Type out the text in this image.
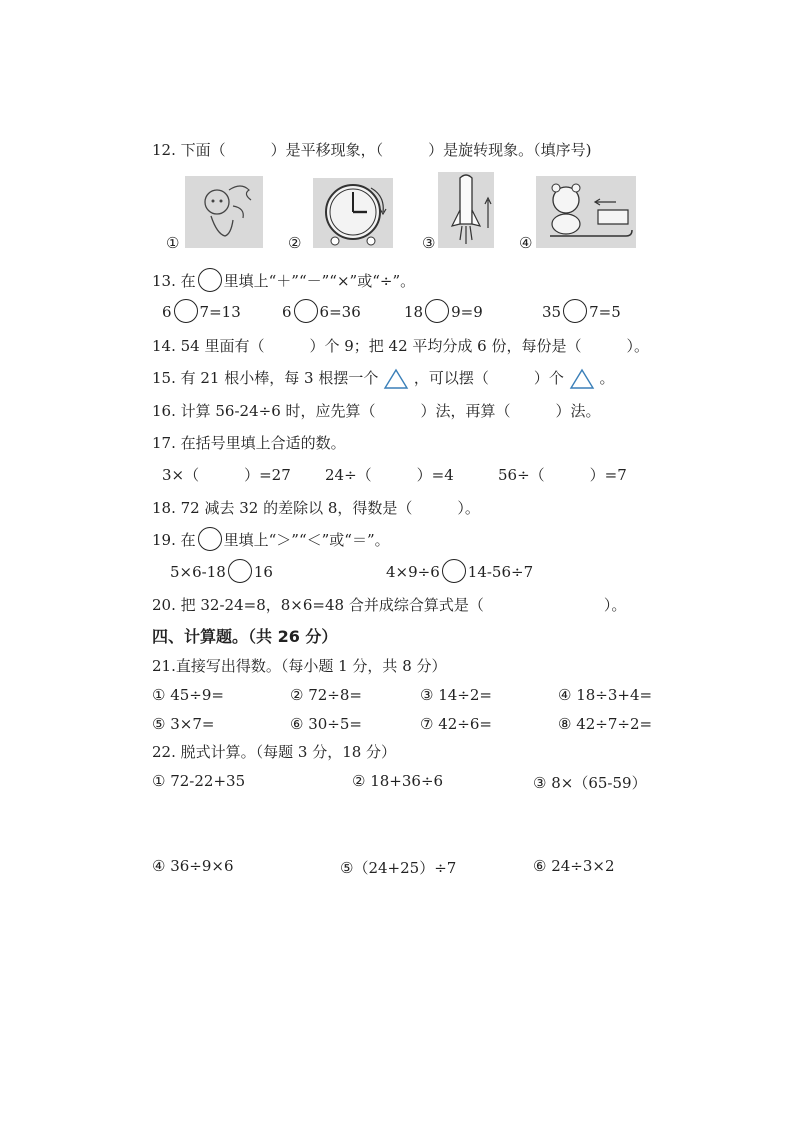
12. 下面（　　　）是平移现象，（　　　）是旋转现象。（填序号)
①	②	③	④
13. 在 里填上“＋”“－”“×”或“÷”。
6 7=13	6 6=36	18 9=9	35 7=5
14. 54 里面有（　　　）个 9；把 42 平均分成 6 份，每份是（　　　）。
15. 有 21 根小棒，每 3 根摆一个 ，可以摆（　　　）个 。
16. 计算 56-24÷6 时，应先算（　　　）法，再算（　　　）法。
17. 在括号里填上合适的数。
3×（　　　）=27 24÷（　　　）=4	56÷（　　　）=7
18. 72 减去 32 的差除以 8，得数是（　　　）。
19. 在 里填上“＞”“＜”或“＝”。
5×6-18 16	4×9÷6 14-56÷7
20. 把 32-24=8，8×6=48 合并成综合算式是（　　　　　　　　）。
四、计算题。（共 26 分）
21.直接写出得数。（每小题 1 分，共 8 分）
① 45÷9=	② 72÷8=	③ 14÷2=	④ 18÷3+4=
⑤ 3×7=	⑥ 30÷5=	⑦ 42÷6=	⑧ 42÷7÷2=
22. 脱式计算。（每题 3 分，18 分）
① 72-22+35	② 18+36÷6	③ 8×（65-59）
④ 36÷9×6	⑤（24+25）÷7	⑥ 24÷3×2
